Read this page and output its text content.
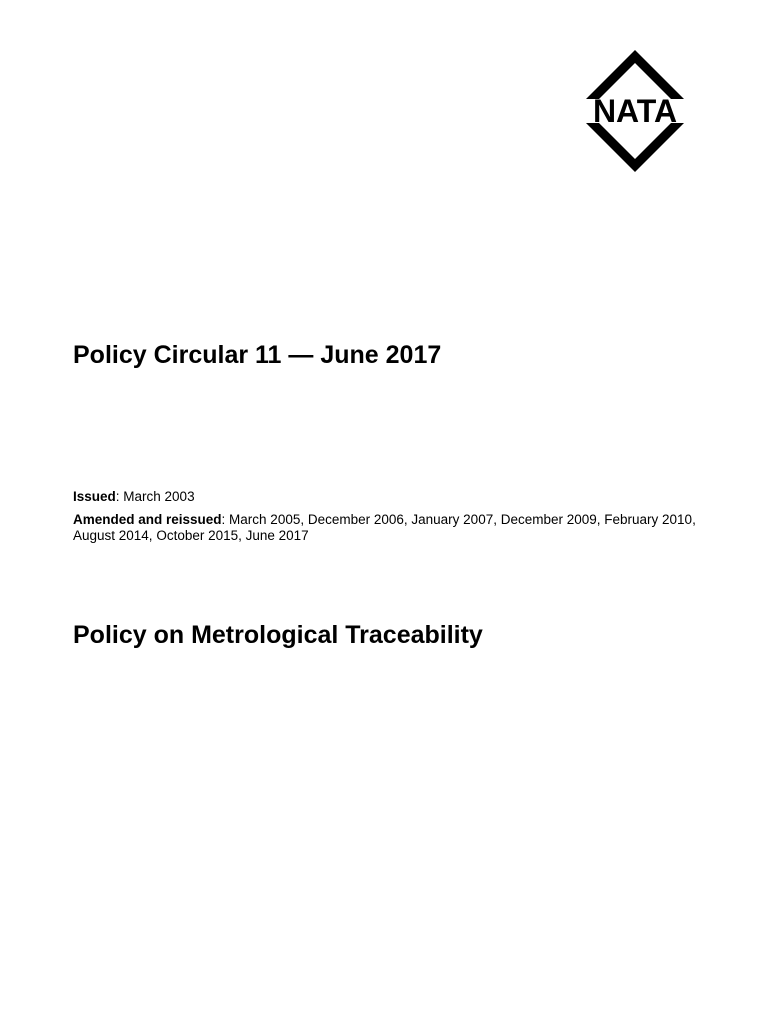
NATA
Policy Circular 11 — June 2017

Issued: March 2003

Amended and reissued: March 2005, December 2006, January 2007, December 2009, February 2010, August 2014, October 2015, June 2017

Policy on Metrological Traceability
